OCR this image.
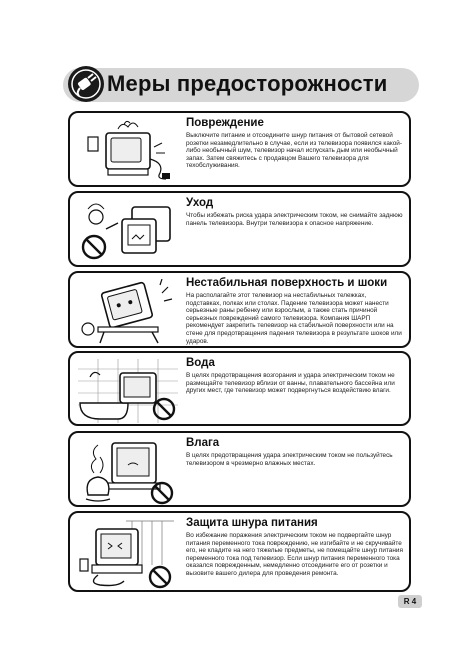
Меры предосторожности
Повреждение

Выключите питание и отсоедините шнур питания от бытовой сетевой розетки незамедлительно в случае, если из телевизора появился какой-либо необычный шум, телевизор начал испускать дым или необычный запах. Затем свяжитесь с продавцом Вашего телевизора для техобслуживания.

Уход

Чтобы избежать риска удара электрическим током, не снимайте заднюю панель телевизора. Внутри телевизора к опасное напряжение.

Нестабильная поверхность и шоки

На располагайте этот телевизор на нестабильных тележках, подставках, полках или столах. Падение телевизора может нанести серьезные раны ребенку или взрослым, а также стать причиной серьезных повреждений самого телевизора. Компания ШАРП рекомендует закрепить телевизор на стабильной поверхности или на стене для предотвращения падения телевизора в результате шоков или ударов.

Вода

В целях предотвращения возгорания и удара электрическим током не размещайте телевизор вблизи от ванны, плавательного бассейна или других мест, где телевизор может подвергнуться воздействию влаги.

Влага

В целях предотвращения удара электрическим током не пользуйтесь телевизором в чрезмерно влажных местах.

Защита шнура питания

Во избежание поражения электрическим током не подвергайте шнур питания переменного тока повреждению, не изгибайте и не скручивайте его, не кладите на него тяжелые предметы, не помещайте шнур питания переменного тока под телевизор. Если шнур питания переменного тока оказался поврежденным, немедленно отсоедините его от розетки и вызовите вашего дилера для проведения ремонта.

R 4
